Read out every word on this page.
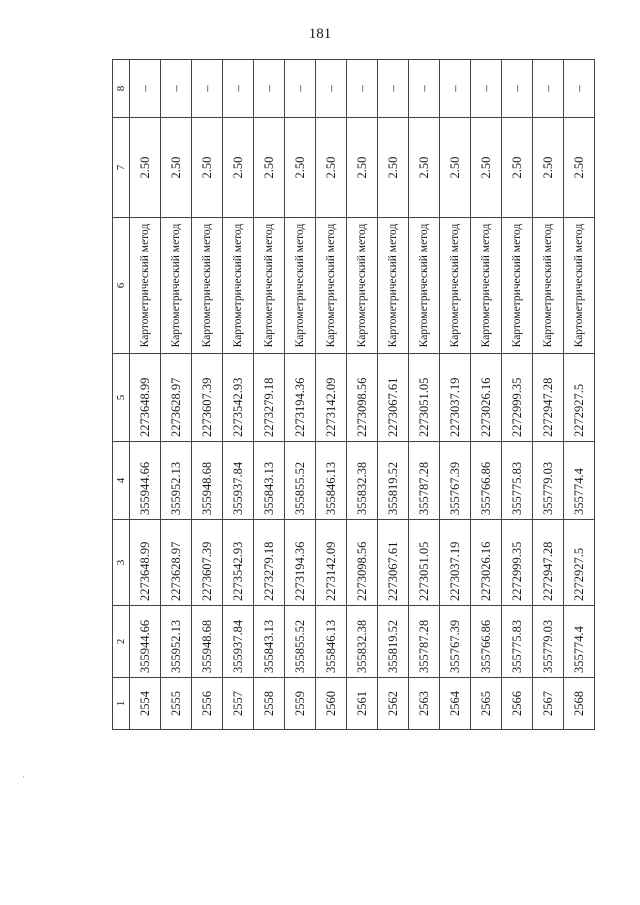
181
1	2	3	4	5	6	7	8
2554	355944.66	2273648.99	355944.66	2273648.99	Картометрический метод	2.50	–
2555	355952.13	2273628.97	355952.13	2273628.97	Картометрический метод	2.50	–
2556	355948.68	2273607.39	355948.68	2273607.39	Картометрический метод	2.50	–
2557	355937.84	2273542.93	355937.84	2273542.93	Картометрический метод	2.50	–
2558	355843.13	2273279.18	355843.13	2273279.18	Картометрический метод	2.50	–
2559	355855.52	2273194.36	355855.52	2273194.36	Картометрический метод	2.50	–
2560	355846.13	2273142.09	355846.13	2273142.09	Картометрический метод	2.50	–
2561	355832.38	2273098.56	355832.38	2273098.56	Картометрический метод	2.50	–
2562	355819.52	2273067.61	355819.52	2273067.61	Картометрический метод	2.50	–
2563	355787.28	2273051.05	355787.28	2273051.05	Картометрический метод	2.50	–
2564	355767.39	2273037.19	355767.39	2273037.19	Картометрический метод	2.50	–
2565	355766.86	2273026.16	355766.86	2273026.16	Картометрический метод	2.50	–
2566	355775.83	2272999.35	355775.83	2272999.35	Картометрический метод	2.50	–
2567	355779.03	2272947.28	355779.03	2272947.28	Картометрический метод	2.50	–
2568	355774.4	2272927.5	355774.4	2272927.5	Картометрический метод	2.50	–
·
